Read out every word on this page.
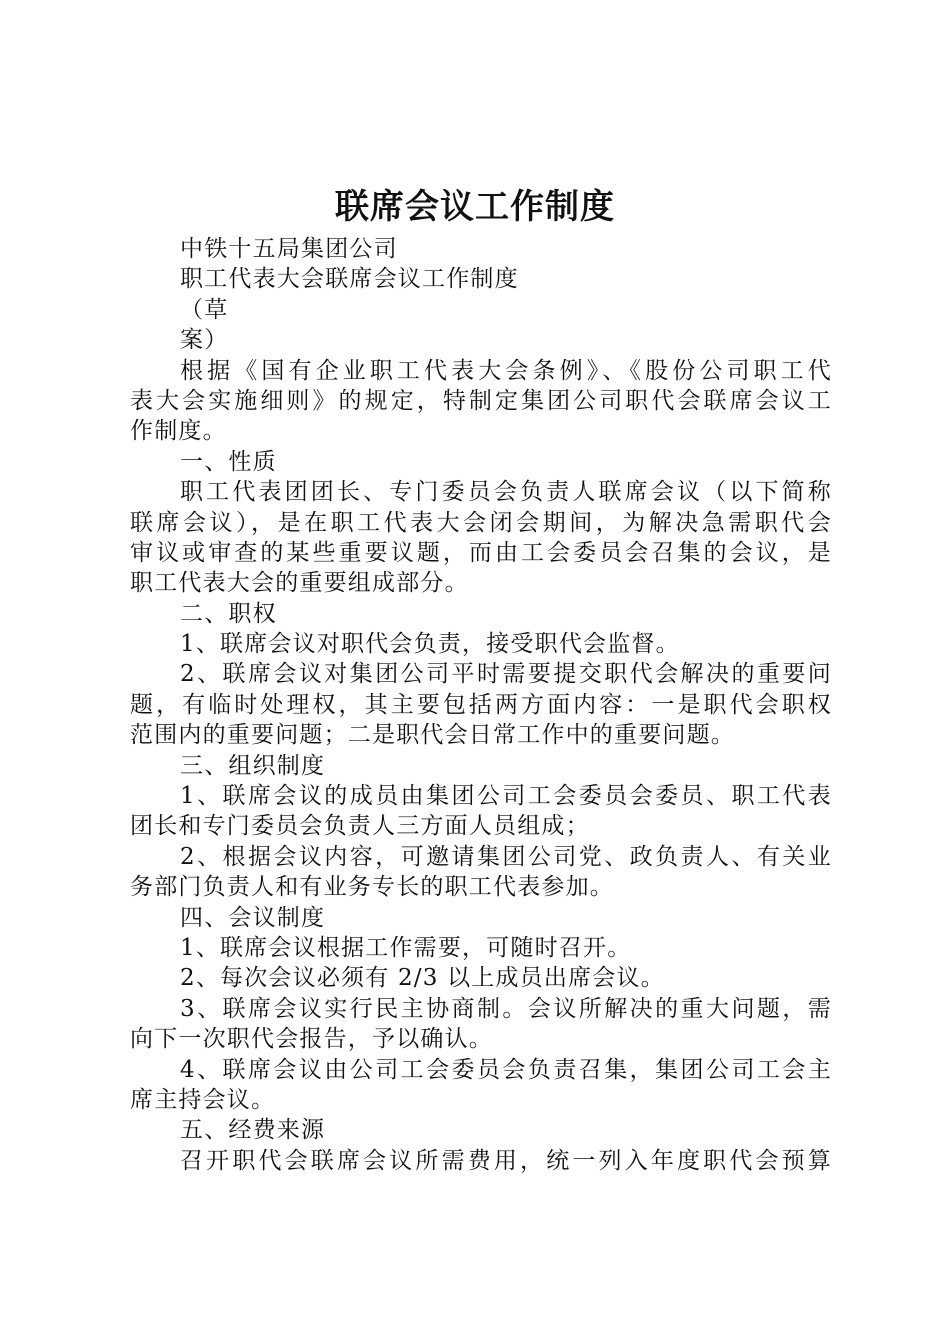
联席会议工作制度
中铁十五局集团公司
职工代表大会联席会议工作制度
（草
案）
根据《国有企业职工代表大会条例》、《股份公司职工代
表大会实施细则》的规定，特制定集团公司职代会联席会议工
作制度。
一、性质
职工代表团团长、专门委员会负责人联席会议（以下简称
联席会议），是在职工代表大会闭会期间，为解决急需职代会
审议或审查的某些重要议题，而由工会委员会召集的会议，是
职工代表大会的重要组成部分。
二、职权
1、联席会议对职代会负责，接受职代会监督。
2、联席会议对集团公司平时需要提交职代会解决的重要问
题，有临时处理权，其主要包括两方面内容：一是职代会职权
范围内的重要问题；二是职代会日常工作中的重要问题。
三、组织制度
1、联席会议的成员由集团公司工会委员会委员、职工代表
团长和专门委员会负责人三方面人员组成；
2、根据会议内容，可邀请集团公司党、政负责人、有关业
务部门负责人和有业务专长的职工代表参加。
四、会议制度
1、联席会议根据工作需要，可随时召开。
2、每次会议必须有 2/3 以上成员出席会议。
3、联席会议实行民主协商制。会议所解决的重大问题，需
向下一次职代会报告，予以确认。
4、联席会议由公司工会委员会负责召集，集团公司工会主
席主持会议。
五、经费来源
召开职代会联席会议所需费用，统一列入年度职代会预算
